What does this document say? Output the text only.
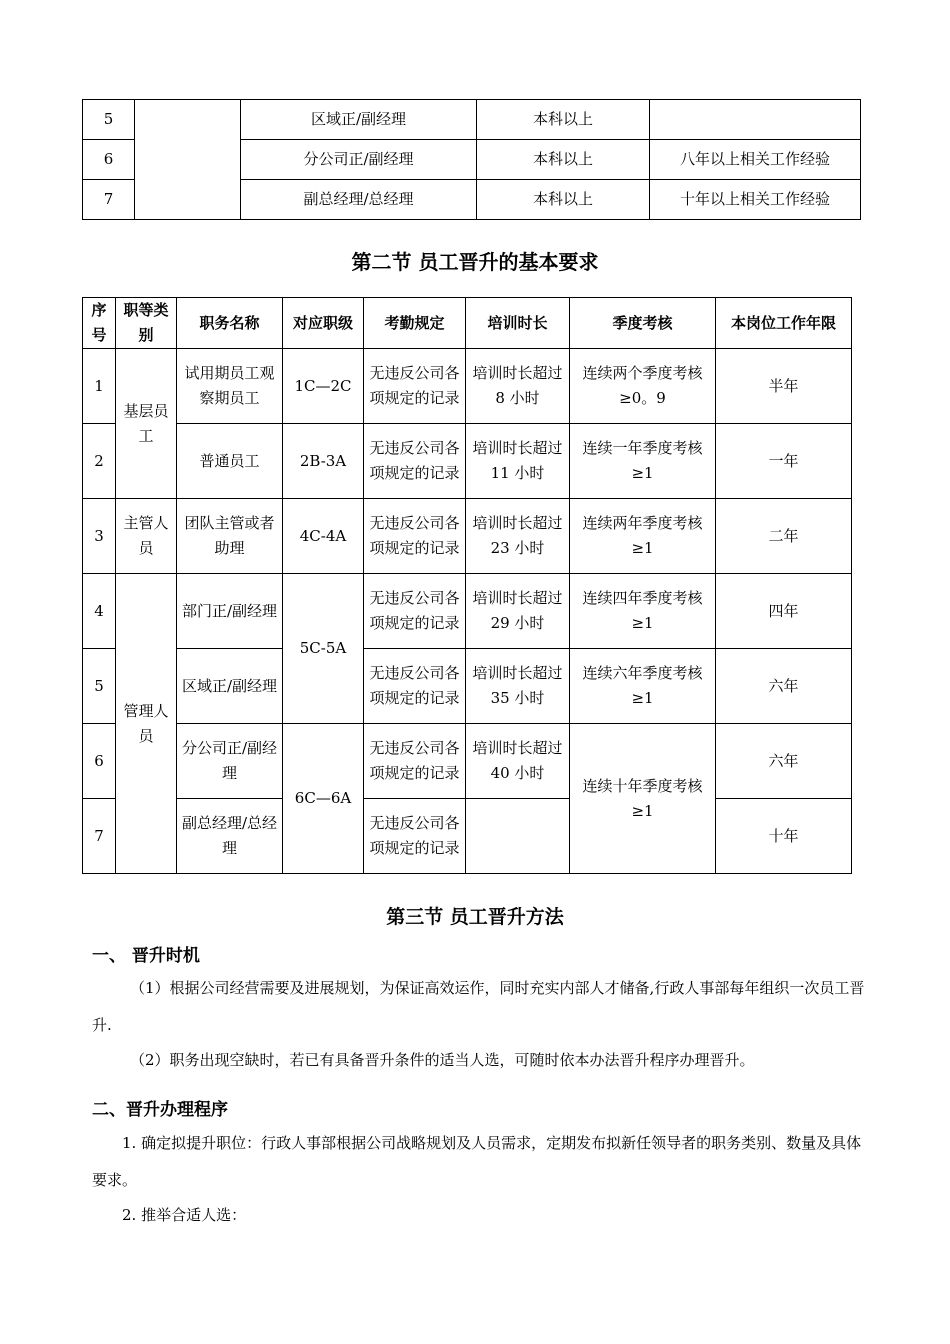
5		区域正/副经理	本科以上	
6		分公司正/副经理	本科以上	八年以上相关工作经验
7		副总经理/总经理	本科以上	十年以上相关工作经验
第二节 员工晋升的基本要求
序号	职等类别	职务名称	对应职级	考勤规定	培训时长	季度考核	本岗位工作年限
1	基层员工	试用期员工观察期员工	1C—2C	无违反公司各项规定的记录	培训时长超过 8 小时	连续两个季度考核≥0。9	半年
2		普通员工	2B-3A	无违反公司各项规定的记录	培训时长超过 11 小时	连续一年季度考核≥1	一年
3	主管人员	团队主管或者助理	4C-4A	无违反公司各项规定的记录	培训时长超过 23 小时	连续两年季度考核≥1	二年
4	管理人员	部门正/副经理	5C-5A	无违反公司各项规定的记录	培训时长超过 29 小时	连续四年季度考核≥1	四年
5		区域正/副经理		无违反公司各项规定的记录	培训时长超过 35 小时	连续六年季度考核≥1	六年
6		分公司正/副经理	6C—6A	无违反公司各项规定的记录	培训时长超过 40 小时	连续十年季度考核≥1	六年
7		副总经理/总经理		无违反公司各项规定的记录			十年
第三节 员工晋升方法
一、 晋升时机
（1）根据公司经营需要及进展规划，为保证高效运作，同时充实内部人才储备,行政人事部每年组织一次员工晋升.
（2）职务出现空缺时，若已有具备晋升条件的适当人选，可随时依本办法晋升程序办理晋升。
二、晋升办理程序
1. 确定拟提升职位：行政人事部根据公司战略规划及人员需求，定期发布拟新任领导者的职务类别、数量及具体要求。
2. 推举合适人选：
